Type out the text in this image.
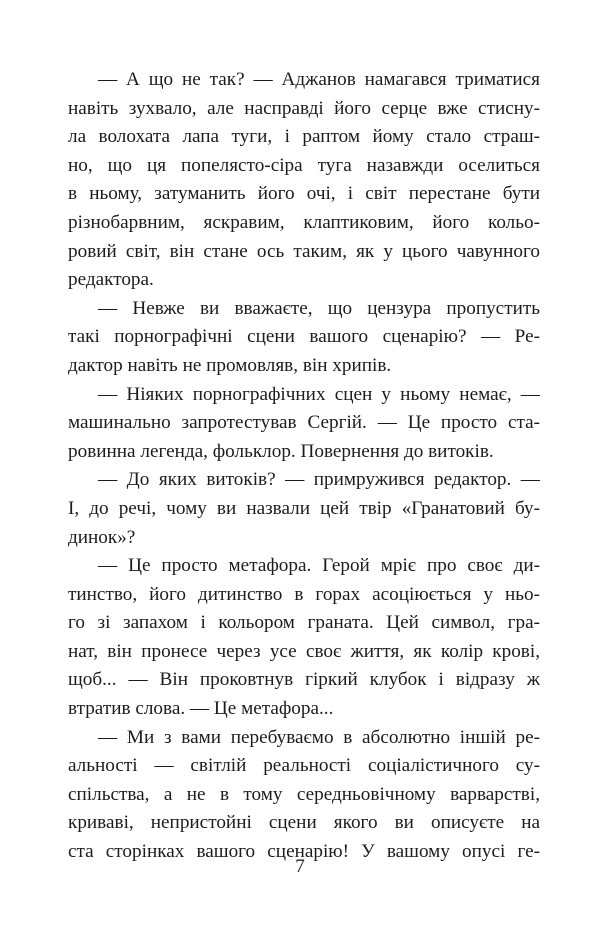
— А що не так? — Аджанов намагався триматися
навіть зухвало, але насправді його серце вже стисну-
ла волохата лапа туги, і раптом йому стало страш-
но, що ця попелясто-сіра туга назавжди оселиться
в ньому, затуманить його очі, і світ перестане бути
різнобарвним, яскравим, клаптиковим, його кольо-
ровий світ, він стане ось таким, як у цього чавунного
редактора.
— Невже ви вважаєте, що цензура пропустить
такі порнографічні сцени вашого сценарію? — Ре-
дактор навіть не промовляв, він хрипів.
— Ніяких порнографічних сцен у ньому немає, —
машинально запротестував Сергій. — Це просто ста-
ровинна легенда, фольклор. Повернення до витоків.
— До яких витоків? — примружився редактор. —
І, до речі, чому ви назвали цей твір «Гранатовий бу-
динок»?
— Це просто метафора. Герой мріє про своє ди-
тинство, його дитинство в горах асоціюється у ньо-
го зі запахом і кольором граната. Цей символ, гра-
нат, він пронесе через усе своє життя, як колір крові,
щоб... — Він проковтнув гіркий клубок і відразу ж
втратив слова. — Це метафора...
— Ми з вами перебуваємо в абсолютно іншій ре-
альності — світлій реальності соціалістичного су-
спільства, а не в тому середньовічному варварстві,
криваві, непристойні сцени якого ви описуєте на
ста сторінках вашого сценарію! У вашому опусі ге-
7
